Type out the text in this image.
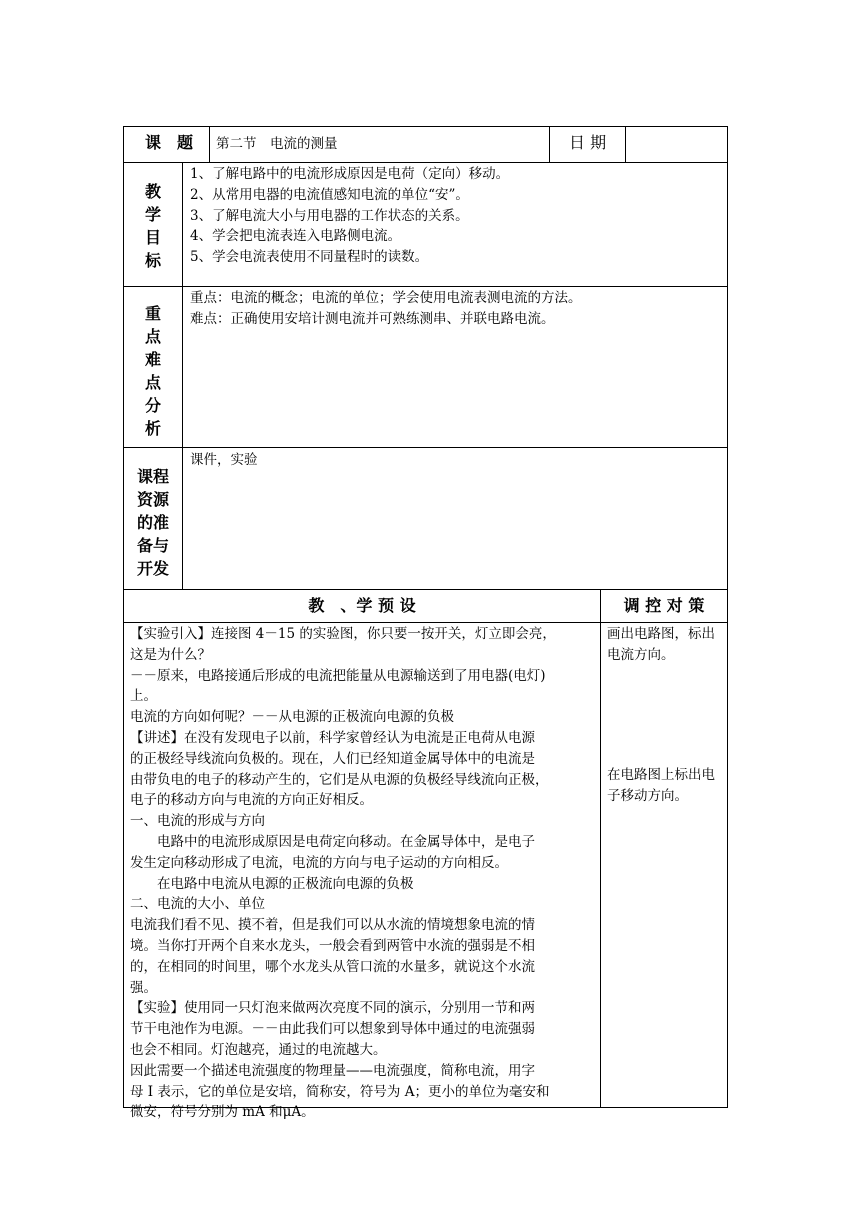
课　题 第二节　电流的测量	日 期
教
学
目
标
1、了解电路中的电流形成原因是电荷（定向）移动。
2、从常用电器的电流值感知电流的单位“安”。
3、了解电流大小与用电器的工作状态的关系。
4、学会把电流表连入电路侧电流。
5、学会电流表使用不同量程时的读数。
重
点
难
点
分
析
重点：电流的概念；电流的单位；学会使用电流表测电流的方法。
难点：正确使用安培计测电流并可熟练测串、并联电路电流。
课程
资源
的准
备与
开发
课件，实验
教　、学 预 设	调 控 对 策
【实验引入】连接图 4－15 的实验图，你只要一按开关，灯立即会亮，
这是为什么？
－－原来，电路接通后形成的电流把能量从电源输送到了用电器(电灯)
上。
电流的方向如何呢？－－从电源的正极流向电源的负极
【讲述】在没有发现电子以前，科学家曾经认为电流是正电荷从电源
的正极经导线流向负极的。现在，人们已经知道金属导体中的电流是
由带负电的电子的移动产生的，它们是从电源的负极经导线流向正极，
电子的移动方向与电流的方向正好相反。
一、电流的形成与方向
　　电路中的电流形成原因是电荷定向移动。在金属导体中，是电子
发生定向移动形成了电流，电流的方向与电子运动的方向相反。
　　在电路中电流从电源的正极流向电源的负极
二、电流的大小、单位
电流我们看不见、摸不着，但是我们可以从水流的情境想象电流的情
境。当你打开两个自来水龙头，一般会看到两管中水流的强弱是不相
的，在相同的时间里，哪个水龙头从管口流的水量多，就说这个水流
强。
【实验】使用同一只灯泡来做两次亮度不同的演示，分别用一节和两
节干电池作为电源。－－由此我们可以想象到导体中通过的电流强弱
也会不相同。灯泡越亮，通过的电流越大。
因此需要一个描述电流强度的物理量——电流强度，简称电流，用字
母 I 表示，它的单位是安培，简称安，符号为 A；更小的单位为毫安和
微安，符号分别为 mA 和μA。
画出电路图，标出电流方向。
在电路图上标出电子移动方向。
